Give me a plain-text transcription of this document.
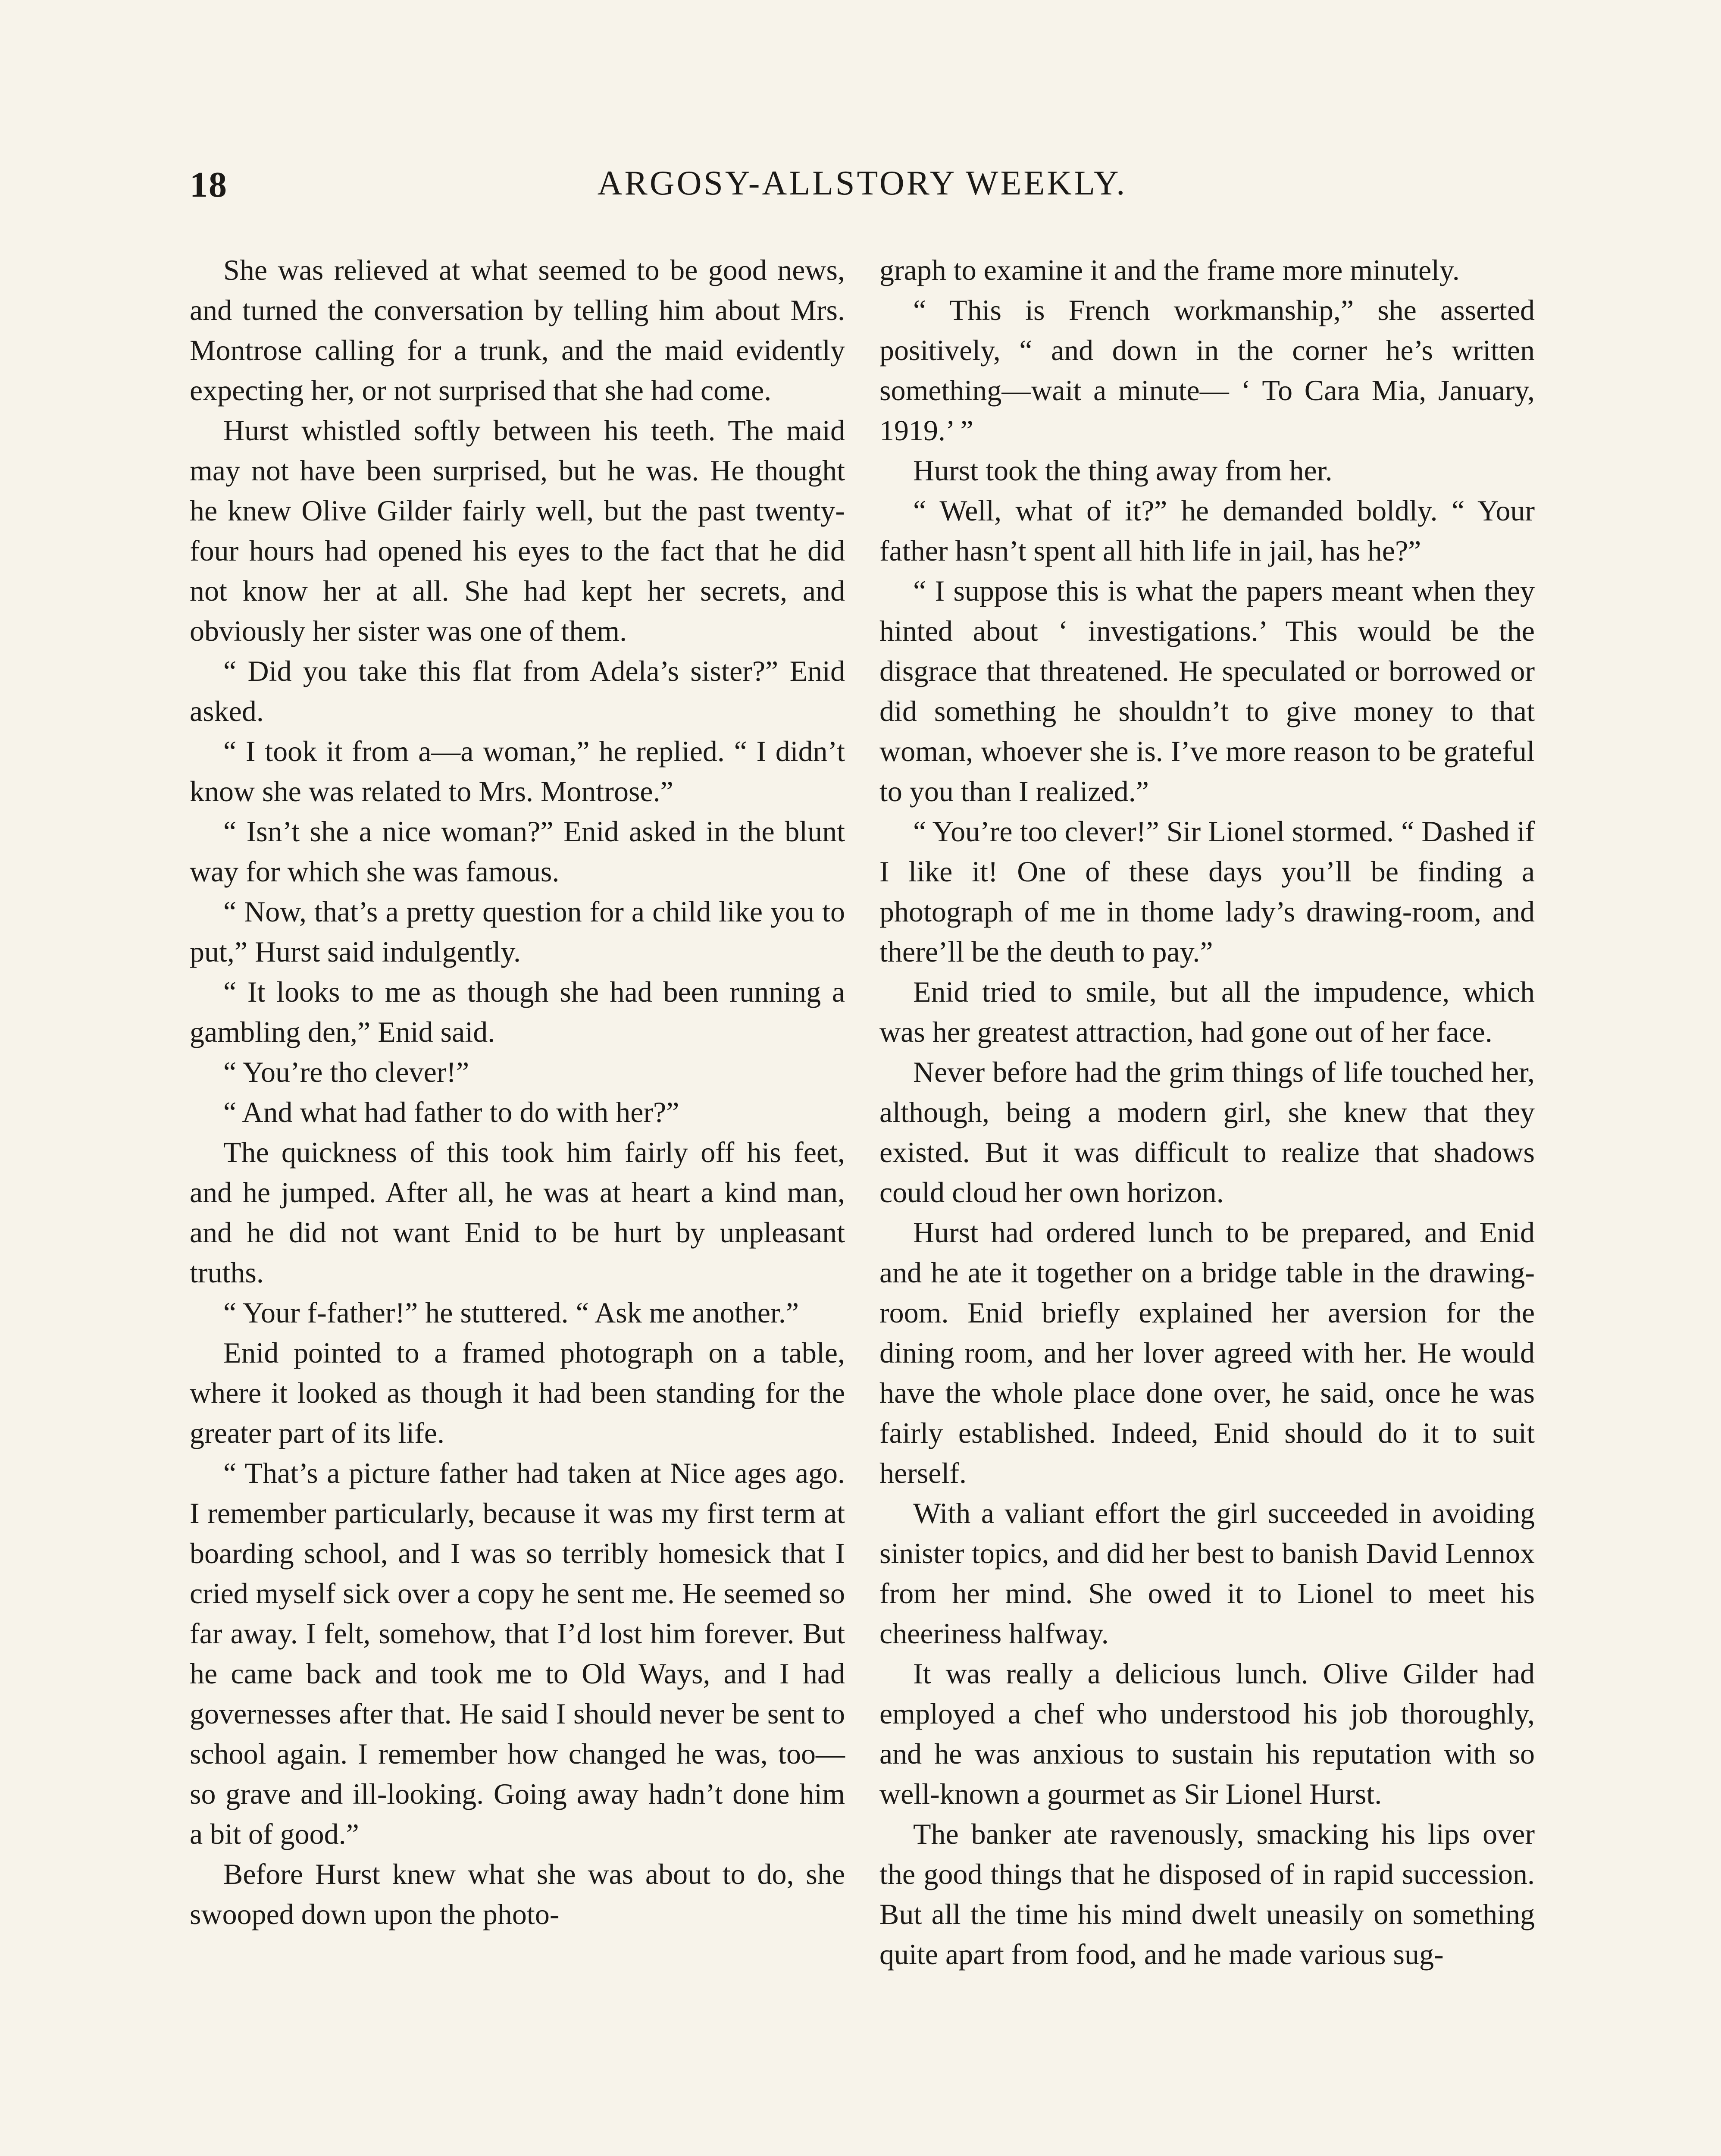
18	ARGOSY-ALLSTORY WEEKLY.

She was relieved at what seemed to be good news, and turned the conversation by telling him about Mrs. Montrose calling for a trunk, and the maid evidently expecting her, or not surprised that she had come.

Hurst whistled softly between his teeth. The maid may not have been surprised, but he was. He thought he knew Olive Gilder fairly well, but the past twenty-four hours had opened his eyes to the fact that he did not know her at all. She had kept her secrets, and obviously her sister was one of them.

“ Did you take this flat from Adela’s sister?” Enid asked.

“ I took it from a—a woman,” he replied. “ I didn’t know she was related to Mrs. Montrose.”

“ Isn’t she a nice woman?” Enid asked in the blunt way for which she was famous.

“ Now, that’s a pretty question for a child like you to put,” Hurst said indulgently.

“ It looks to me as though she had been running a gambling den,” Enid said.

“ You’re tho clever!”

“ And what had father to do with her?”

The quickness of this took him fairly off his feet, and he jumped. After all, he was at heart a kind man, and he did not want Enid to be hurt by unpleasant truths.

“ Your f-father!” he stuttered. “ Ask me another.”

Enid pointed to a framed photograph on a table, where it looked as though it had been standing for the greater part of its life.

“ That’s a picture father had taken at Nice ages ago. I remember particularly, because it was my first term at boarding school, and I was so terribly homesick that I cried myself sick over a copy he sent me. He seemed so far away. I felt, somehow, that I’d lost him forever. But he came back and took me to Old Ways, and I had governesses after that. He said I should never be sent to school again. I remember how changed he was, too—so grave and ill-looking. Going away hadn’t done him a bit of good.”

Before Hurst knew what she was about to do, she swooped down upon the photo-

graph to examine it and the frame more minutely.

“ This is French workmanship,” she asserted positively, “ and down in the corner he’s written something—wait a minute— ‘ To Cara Mia, January, 1919.’ ”

Hurst took the thing away from her.

“ Well, what of it?” he demanded boldly. “ Your father hasn’t spent all hith life in jail, has he?”

“ I suppose this is what the papers meant when they hinted about ‘ investigations.’ This would be the disgrace that threatened. He speculated or borrowed or did something he shouldn’t to give money to that woman, whoever she is. I’ve more reason to be grateful to you than I realized.”

“ You’re too clever!” Sir Lionel stormed. “ Dashed if I like it! One of these days you’ll be finding a photograph of me in thome lady’s drawing-room, and there’ll be the deuth to pay.”

Enid tried to smile, but all the impudence, which was her greatest attraction, had gone out of her face.

Never before had the grim things of life touched her, although, being a modern girl, she knew that they existed. But it was difficult to realize that shadows could cloud her own horizon.

Hurst had ordered lunch to be prepared, and Enid and he ate it together on a bridge table in the drawing-room. Enid briefly explained her aversion for the dining room, and her lover agreed with her. He would have the whole place done over, he said, once he was fairly established. Indeed, Enid should do it to suit herself.

With a valiant effort the girl succeeded in avoiding sinister topics, and did her best to banish David Lennox from her mind. She owed it to Lionel to meet his cheeriness halfway.

It was really a delicious lunch. Olive Gilder had employed a chef who understood his job thoroughly, and he was anxious to sustain his reputation with so well-known a gourmet as Sir Lionel Hurst.

The banker ate ravenously, smacking his lips over the good things that he disposed of in rapid succession. But all the time his mind dwelt uneasily on something quite apart from food, and he made various sug-
